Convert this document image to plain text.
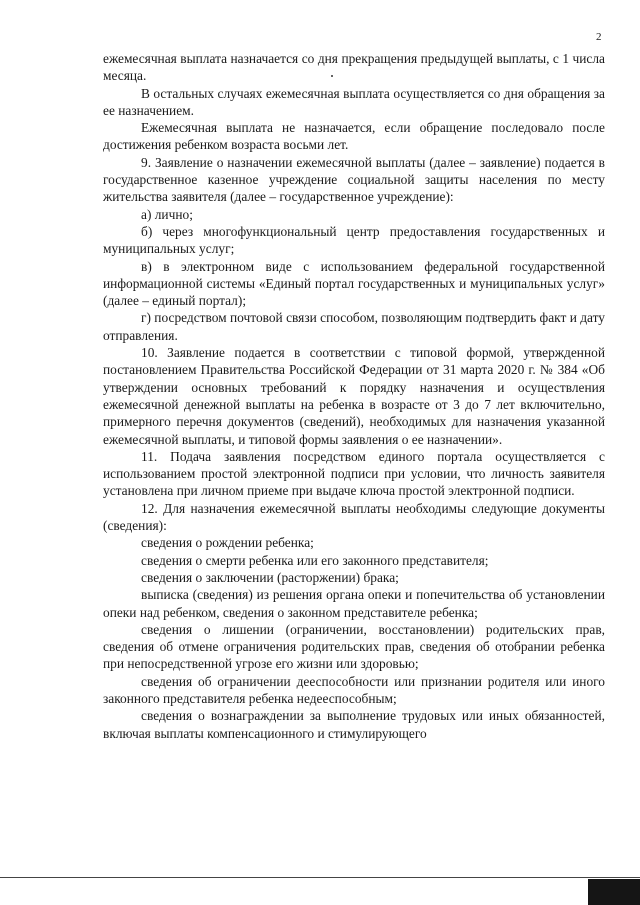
2

ежемесячная выплата назначается со дня прекращения предыдущей выплаты, с 1 числа месяца.

В остальных случаях ежемесячная выплата осуществляется со дня обращения за ее назначением.

Ежемесячная выплата не назначается, если обращение последовало после достижения ребенком возраста восьми лет.

9. Заявление о назначении ежемесячной выплаты (далее – заявление) подается в государственное казенное учреждение социальной защиты населения по месту жительства заявителя (далее – государственное учреждение):

а) лично;

б) через многофункциональный центр предоставления государственных и муниципальных услуг;

в) в электронном виде с использованием федеральной государственной информационной системы «Единый портал государственных и муниципальных услуг» (далее – единый портал);

г) посредством почтовой связи способом, позволяющим подтвердить факт и дату отправления.

10. Заявление подается в соответствии с типовой формой, утвержденной постановлением Правительства Российской Федерации от 31 марта 2020 г. № 384 «Об утверждении основных требований к порядку назначения и осуществления ежемесячной денежной выплаты на ребенка в возрасте от 3 до 7 лет включительно, примерного перечня документов (сведений), необходимых для назначения указанной ежемесячной выплаты, и типовой формы заявления о ее назначении».

11. Подача заявления посредством единого портала осуществляется с использованием простой электронной подписи при условии, что личность заявителя установлена при личном приеме при выдаче ключа простой электронной подписи.

12. Для назначения ежемесячной выплаты необходимы следующие документы (сведения):

сведения о рождении ребенка;

сведения о смерти ребенка или его законного представителя;

сведения о заключении (расторжении) брака;

выписка (сведения) из решения органа опеки и попечительства об установлении опеки над ребенком, сведения о законном представителе ребенка;

сведения о лишении (ограничении, восстановлении) родительских прав, сведения об отмене ограничения родительских прав, сведения об отобрании ребенка при непосредственной угрозе его жизни или здоровью;

сведения об ограничении дееспособности или признании родителя или иного законного представителя ребенка недееспособным;

сведения о вознаграждении за выполнение трудовых или иных обязанностей, включая выплаты компенсационного и стимулирующего
